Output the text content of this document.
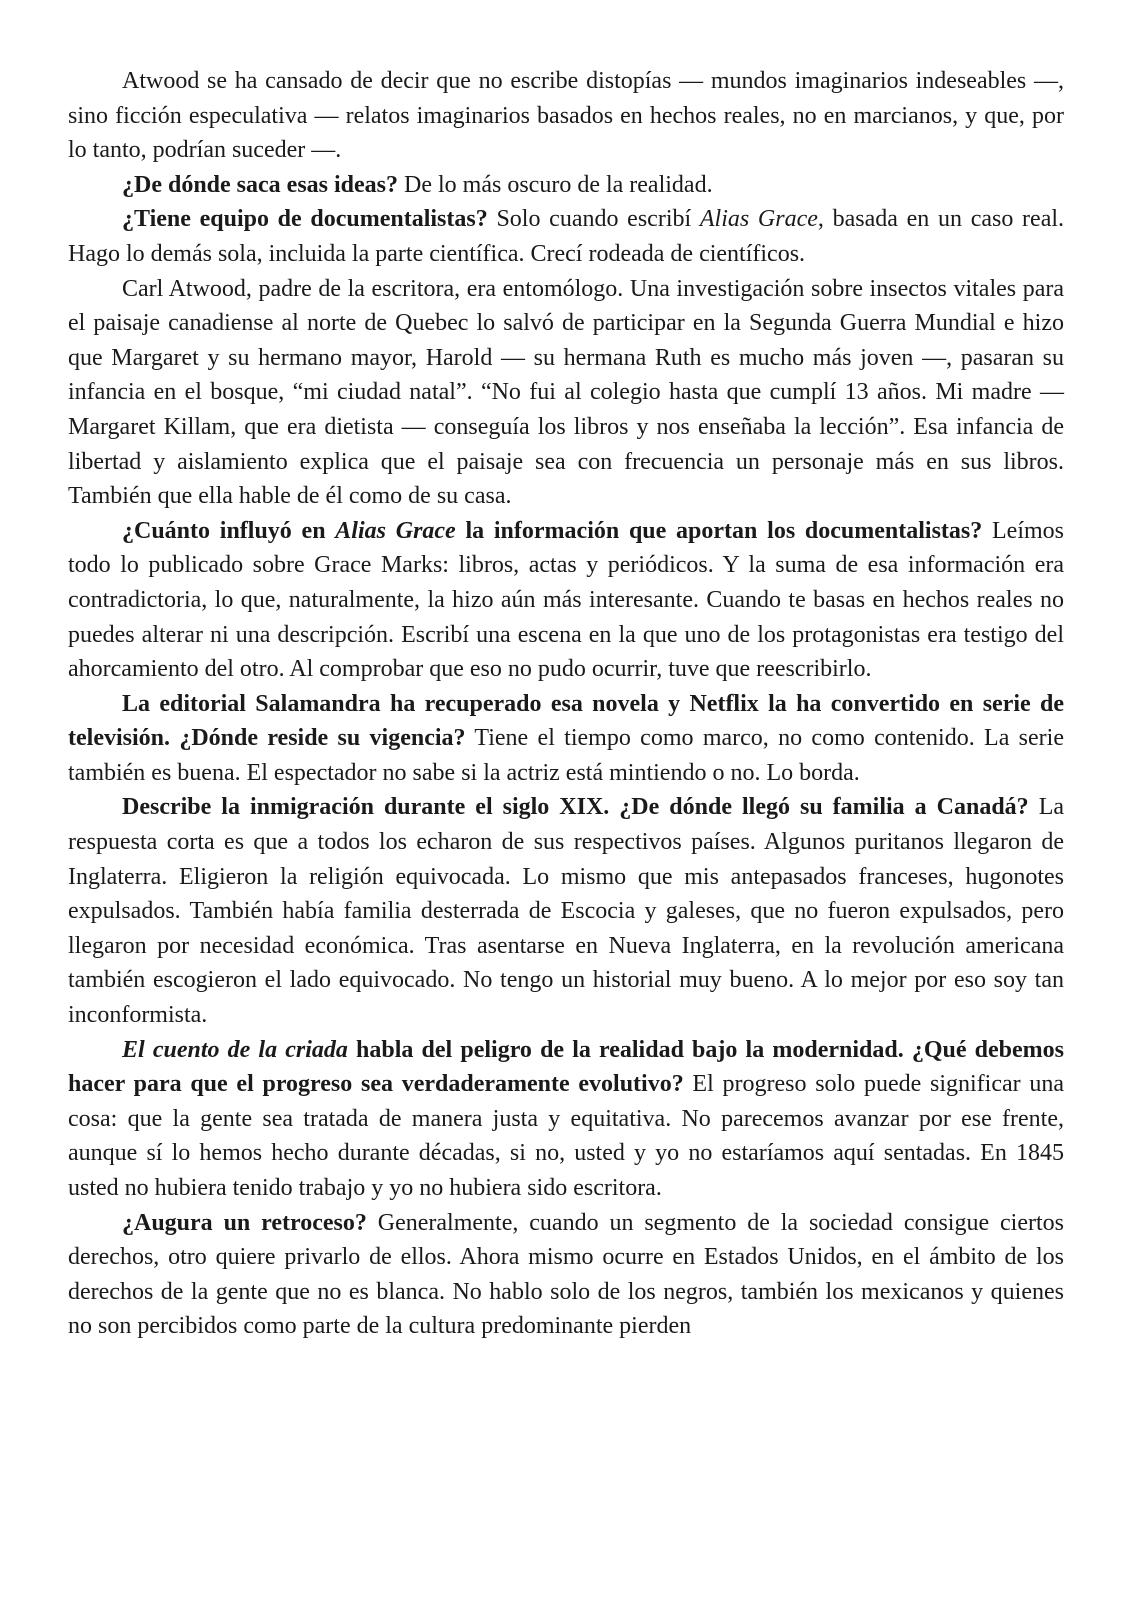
Atwood se ha cansado de decir que no escribe distopías — mundos imaginarios indeseables —, sino ficción especulativa — relatos imaginarios basados en hechos reales, no en marcianos, y que, por lo tanto, podrían suceder —.

¿De dónde saca esas ideas? De lo más oscuro de la realidad.

¿Tiene equipo de documentalistas? Solo cuando escribí Alias Grace, basada en un caso real. Hago lo demás sola, incluida la parte científica. Crecí rodeada de científicos.

Carl Atwood, padre de la escritora, era entomólogo. Una investigación sobre insectos vitales para el paisaje canadiense al norte de Quebec lo salvó de participar en la Segunda Guerra Mundial e hizo que Margaret y su hermano mayor, Harold — su hermana Ruth es mucho más joven —, pasaran su infancia en el bosque, “mi ciudad natal”. “No fui al colegio hasta que cumplí 13 años. Mi madre — Margaret Killam, que era dietista — conseguía los libros y nos enseñaba la lección”. Esa infancia de libertad y aislamiento explica que el paisaje sea con frecuencia un personaje más en sus libros. También que ella hable de él como de su casa.

¿Cuánto influyó en Alias Grace la información que aportan los documentalistas? Leímos todo lo publicado sobre Grace Marks: libros, actas y periódicos. Y la suma de esa información era contradictoria, lo que, naturalmente, la hizo aún más interesante. Cuando te basas en hechos reales no puedes alterar ni una descripción. Escribí una escena en la que uno de los protagonistas era testigo del ahorcamiento del otro. Al comprobar que eso no pudo ocurrir, tuve que reescribirlo.

La editorial Salamandra ha recuperado esa novela y Netflix la ha convertido en serie de televisión. ¿Dónde reside su vigencia? Tiene el tiempo como marco, no como contenido. La serie también es buena. El espectador no sabe si la actriz está mintiendo o no. Lo borda.

Describe la inmigración durante el siglo XIX. ¿De dónde llegó su familia a Canadá? La respuesta corta es que a todos los echaron de sus respectivos países. Algunos puritanos llegaron de Inglaterra. Eligieron la religión equivocada. Lo mismo que mis antepasados franceses, hugonotes expulsados. También había familia desterrada de Escocia y galeses, que no fueron expulsados, pero llegaron por necesidad económica. Tras asentarse en Nueva Inglaterra, en la revolución americana también escogieron el lado equivocado. No tengo un historial muy bueno. A lo mejor por eso soy tan inconformista.

El cuento de la criada habla del peligro de la realidad bajo la modernidad. ¿Qué debemos hacer para que el progreso sea verdaderamente evolutivo? El progreso solo puede significar una cosa: que la gente sea tratada de manera justa y equitativa. No parecemos avanzar por ese frente, aunque sí lo hemos hecho durante décadas, si no, usted y yo no estaríamos aquí sentadas. En 1845 usted no hubiera tenido trabajo y yo no hubiera sido escritora.

¿Augura un retroceso? Generalmente, cuando un segmento de la sociedad consigue ciertos derechos, otro quiere privarlo de ellos. Ahora mismo ocurre en Estados Unidos, en el ámbito de los derechos de la gente que no es blanca. No hablo solo de los negros, también los mexicanos y quienes no son percibidos como parte de la cultura predominante pierden
